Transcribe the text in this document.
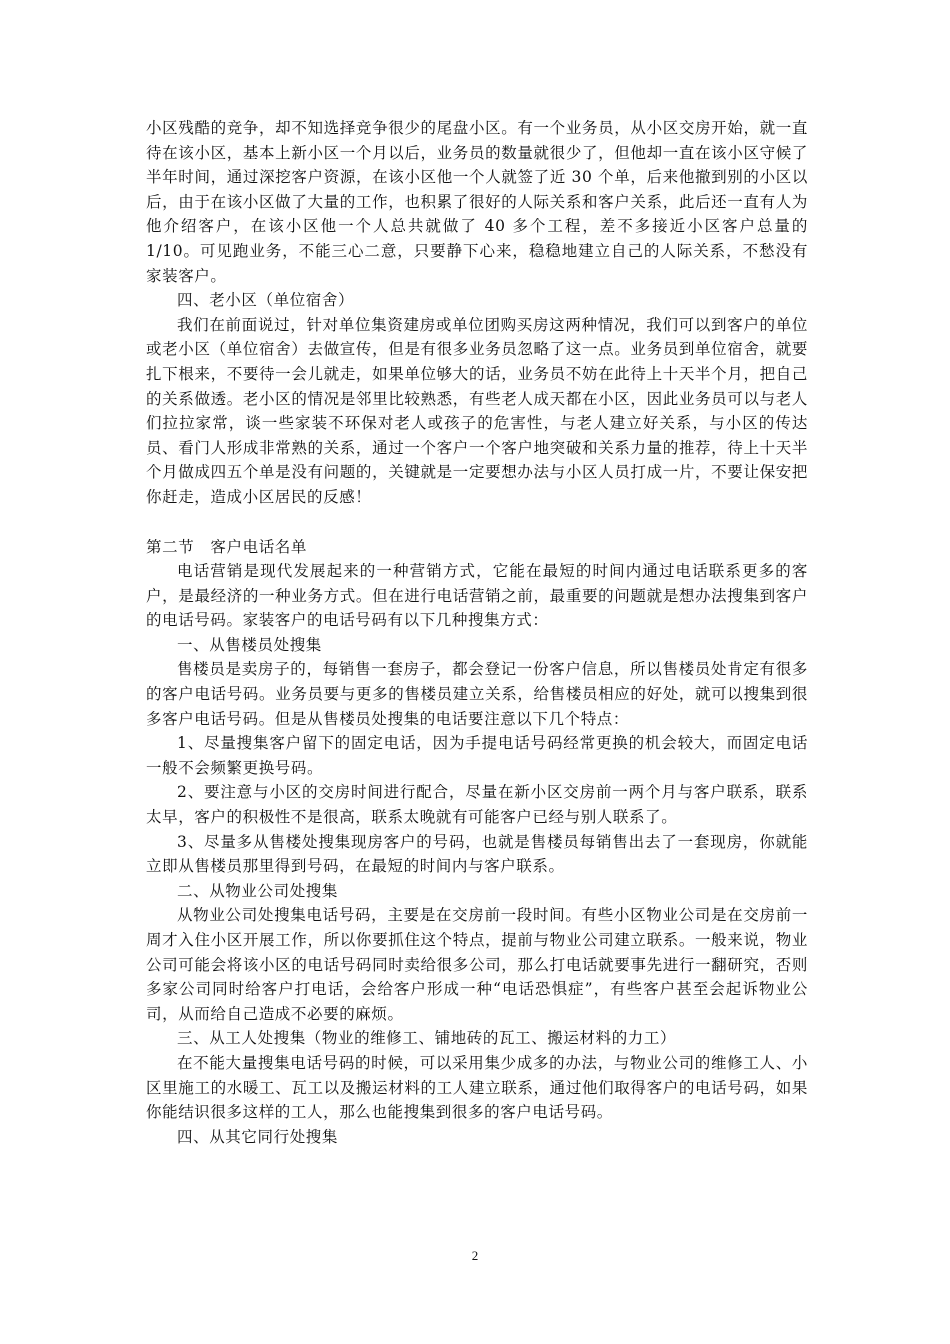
小区残酷的竞争，却不知选择竞争很少的尾盘小区。有一个业务员，从小区交房开始，就一直待在该小区，基本上新小区一个月以后，业务员的数量就很少了，但他却一直在该小区守候了半年时间，通过深挖客户资源，在该小区他一个人就签了近 30 个单，后来他撤到别的小区以后，由于在该小区做了大量的工作，也积累了很好的人际关系和客户关系，此后还一直有人为他介绍客户，在该小区他一个人总共就做了 40 多个工程，差不多接近小区客户总量的 1/10。可见跑业务，不能三心二意，只要静下心来，稳稳地建立自己的人际关系，不愁没有家装客户。

四、老小区（单位宿舍）

我们在前面说过，针对单位集资建房或单位团购买房这两种情况，我们可以到客户的单位或老小区（单位宿舍）去做宣传，但是有很多业务员忽略了这一点。业务员到单位宿舍，就要扎下根来，不要待一会儿就走，如果单位够大的话，业务员不妨在此待上十天半个月，把自己的关系做透。老小区的情况是邻里比较熟悉，有些老人成天都在小区，因此业务员可以与老人们拉拉家常，谈一些家装不环保对老人或孩子的危害性，与老人建立好关系，与小区的传达员、看门人形成非常熟的关系，通过一个客户一个客户地突破和关系力量的推荐，待上十天半个月做成四五个单是没有问题的，关键就是一定要想办法与小区人员打成一片，不要让保安把你赶走，造成小区居民的反感！

第二节　客户电话名单

电话营销是现代发展起来的一种营销方式，它能在最短的时间内通过电话联系更多的客户，是最经济的一种业务方式。但在进行电话营销之前，最重要的问题就是想办法搜集到客户的电话号码。家装客户的电话号码有以下几种搜集方式：

一、从售楼员处搜集

售楼员是卖房子的，每销售一套房子，都会登记一份客户信息，所以售楼员处肯定有很多的客户电话号码。业务员要与更多的售楼员建立关系，给售楼员相应的好处，就可以搜集到很多客户电话号码。但是从售楼员处搜集的电话要注意以下几个特点：

1、尽量搜集客户留下的固定电话，因为手提电话号码经常更换的机会较大，而固定电话一般不会频繁更换号码。

2、要注意与小区的交房时间进行配合，尽量在新小区交房前一两个月与客户联系，联系太早，客户的积极性不是很高，联系太晚就有可能客户已经与别人联系了。

3、尽量多从售楼处搜集现房客户的号码，也就是售楼员每销售出去了一套现房，你就能立即从售楼员那里得到号码，在最短的时间内与客户联系。

二、从物业公司处搜集

从物业公司处搜集电话号码，主要是在交房前一段时间。有些小区物业公司是在交房前一周才入住小区开展工作，所以你要抓住这个特点，提前与物业公司建立联系。一般来说，物业公司可能会将该小区的电话号码同时卖给很多公司，那么打电话就要事先进行一翻研究，否则多家公司同时给客户打电话，会给客户形成一种“电话恐惧症”，有些客户甚至会起诉物业公司，从而给自己造成不必要的麻烦。

三、从工人处搜集（物业的维修工、铺地砖的瓦工、搬运材料的力工）

在不能大量搜集电话号码的时候，可以采用集少成多的办法，与物业公司的维修工人、小区里施工的水暖工、瓦工以及搬运材料的工人建立联系，通过他们取得客户的电话号码，如果你能结识很多这样的工人，那么也能搜集到很多的客户电话号码。

四、从其它同行处搜集

2
